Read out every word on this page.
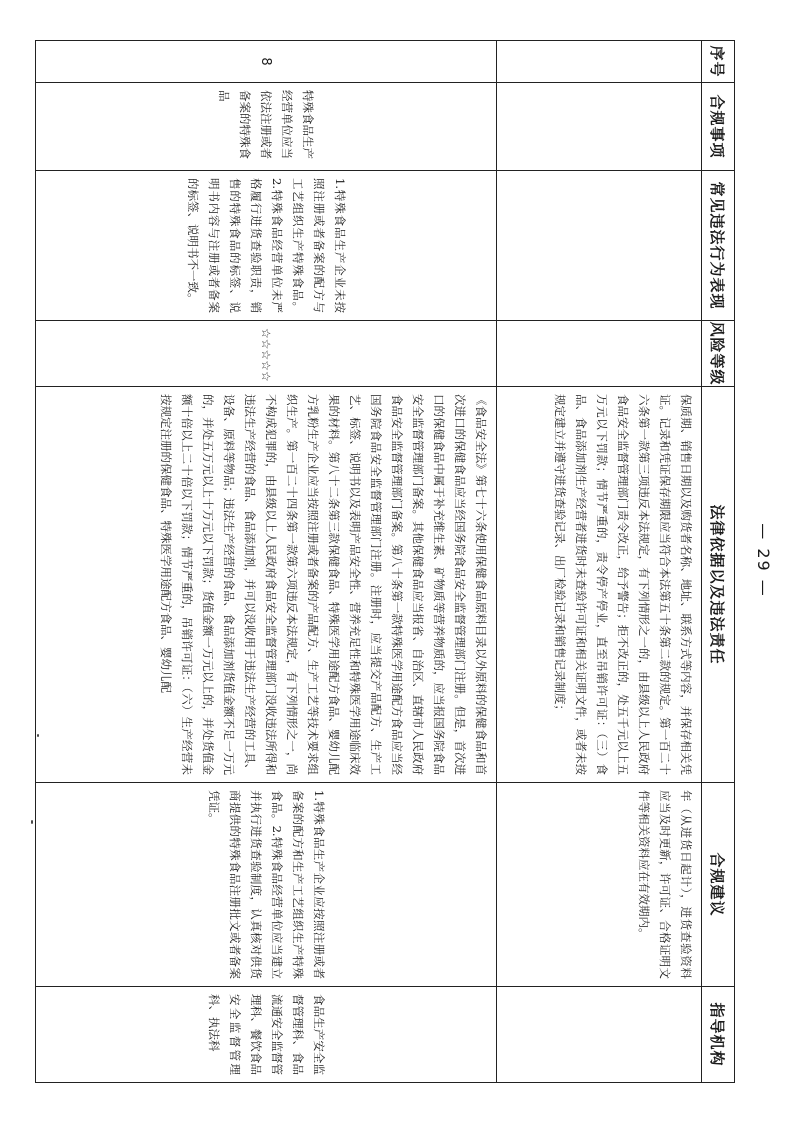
— 29 —
序号	合规事项	常见违法行为表现	风险等级	法律依据以及违法责任	合规建议	指导机构
				保质期、销售日期以及购货者名称、地址、联系方式等内容，并保存相关凭证。记录和凭证保存期限应当符合本法第五十条第二款的规定。第一百二十六条第一款第三项违反本法规定，有下列情形之一的，由县级以上人民政府食品安全监督管理部门责令改正，给予警告；拒不改正的，处五千元以上五万元以下罚款；情节严重的，责令停产停业，直至吊销许可证：（三）食品、食品添加剂生产经营者进货时未查验许可证和相关证明文件，或者未按规定建立并遵守进货查验记录、出厂检验记录和销售记录制度；	年（从进货日起计），进货查验资料应当及时更新，许可证、合格证明文件等相关资料应在有效期内。	
8	特殊食品生产经营单位应当依法注册或者备案的特殊食品	1.特殊食品生产企业未按照注册或者备案的配方与工艺组织生产特殊食品。2.特殊食品经营单位未严格履行进货查验职责，销售的特殊食品的标签、说明书内容与注册或者备案的标签、说明书不一致。	☆☆☆☆☆	《食品安全法》第七十六条使用保健食品原料目录以外原料的保健食品和首次进口的保健食品应当经国务院食品安全监督管理部门注册。但是，首次进口的保健食品中属于补充维生素、矿物质等营养物质的，应当报国务院食品安全监督管理部门备案。其他保健食品应当报省、自治区、直辖市人民政府食品安全监督管理部门备案。第八十条第一款特殊医学用途配方食品应当经国务院食品安全监督管理部门注册。注册时，应当提交产品配方、生产工艺、标签、说明书以及表明产品安全性、营养充足性和特殊医学用途临床效果的材料。第八十二条第三款保健食品、特殊医学用途配方食品、婴幼儿配方乳粉生产企业应当按照注册或者备案的产品配方、生产工艺等技术要求组织生产。第一百二十四条第一款第六项违反本法规定，有下列情形之一，尚不构成犯罪的，由县级以上人民政府食品安全监督管理部门没收违法所得和违法生产经营的食品、食品添加剂，并可以没收用于违法生产经营的工具、设备、原料等物品；违法生产经营的食品、食品添加剂货值金额不足一万元的，并处五万元以上十万元以下罚款；货值金额一万元以上的，并处货值金额十倍以上二十倍以下罚款；情节严重的，吊销许可证：（六）生产经营未按规定注册的保健食品、特殊医学用途配方食品、婴幼儿配	1.特殊食品生产企业应按照注册或者备案的配方和生产工艺组织生产特殊食品。2.特殊食品经营单位应当建立并执行进货查验制度，认真核对供货商提供的特殊食品注册批文或者备案凭证。	食品生产安全监督管理科、食品流通安全监督管理科、餐饮食品安全监督管理科、执法科
